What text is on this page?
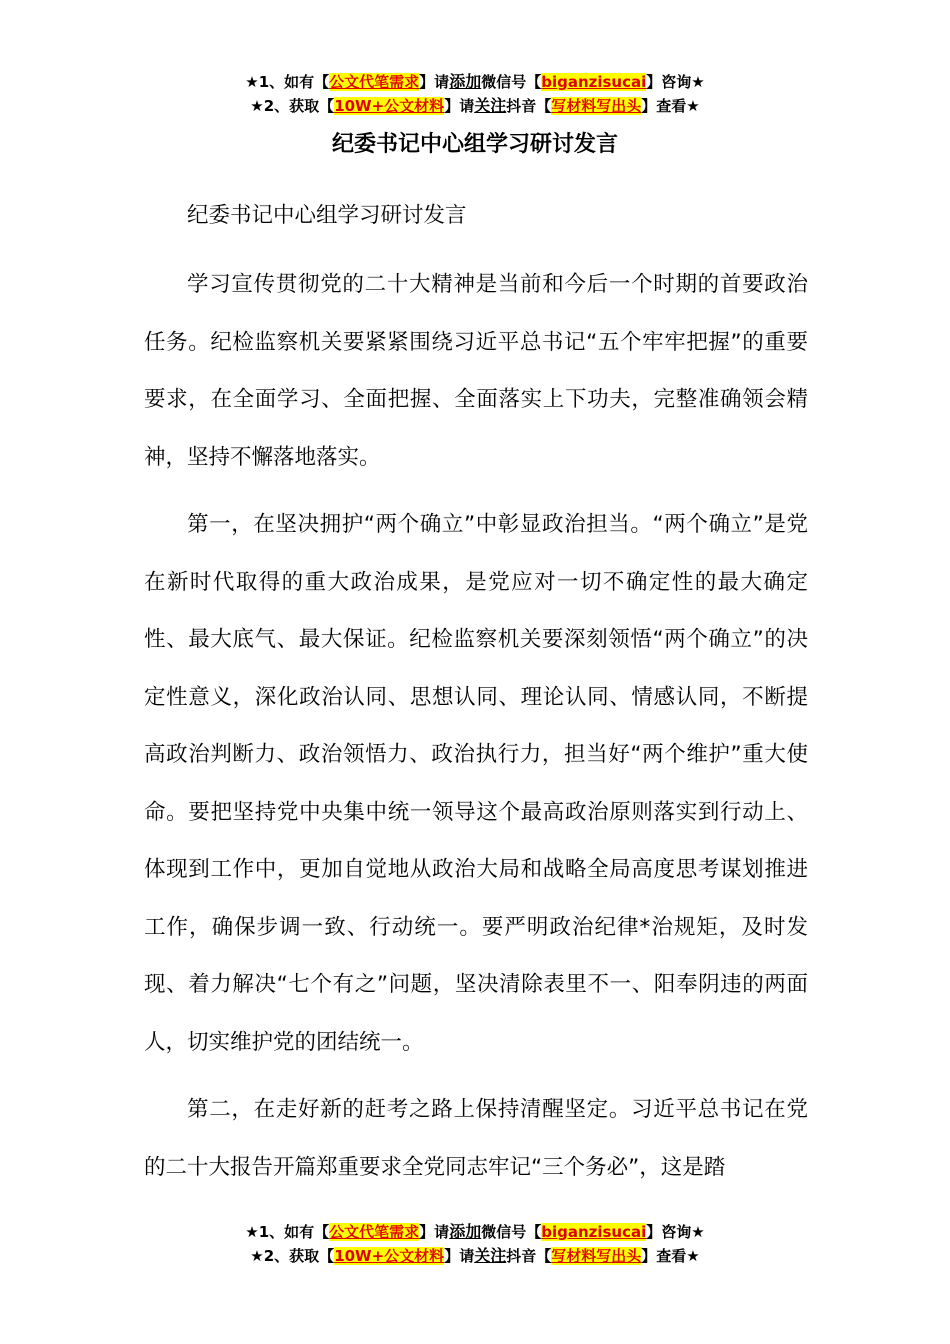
★1、如有【公文代笔需求】请添加微信号【biganzisucai】咨询★
★2、获取【10W+公文材料】请关注抖音【写材料写出头】查看★
纪委书记中心组学习研讨发言
纪委书记中心组学习研讨发言

学习宣传贯彻党的二十大精神是当前和今后一个时期的首要政治任务。纪检监察机关要紧紧围绕习近平总书记“五个牢牢把握”的重要要求，在全面学习、全面把握、全面落实上下功夫，完整准确领会精神，坚持不懈落地落实。

第一，在坚决拥护“两个确立”中彰显政治担当。“两个确立”是党在新时代取得的重大政治成果，是党应对一切不确定性的最大确定性、最大底气、最大保证。纪检监察机关要深刻领悟“两个确立”的决定性意义，深化政治认同、思想认同、理论认同、情感认同，不断提高政治判断力、政治领悟力、政治执行力，担当好“两个维护”重大使命。要把坚持党中央集中统一领导这个最高政治原则落实到行动上、体现到工作中，更加自觉地从政治大局和战略全局高度思考谋划推进工作，确保步调一致、行动统一。要严明政治纪律*治规矩，及时发现、着力解决“七个有之”问题，坚决清除表里不一、阳奉阴违的两面人，切实维护党的团结统一。

第二，在走好新的赶考之路上保持清醒坚定。习近平总书记在党的二十大报告开篇郑重要求全党同志牢记“三个务必”，这是踏

★1、如有【公文代笔需求】请添加微信号【biganzisucai】咨询★
★2、获取【10W+公文材料】请关注抖音【写材料写出头】查看★
